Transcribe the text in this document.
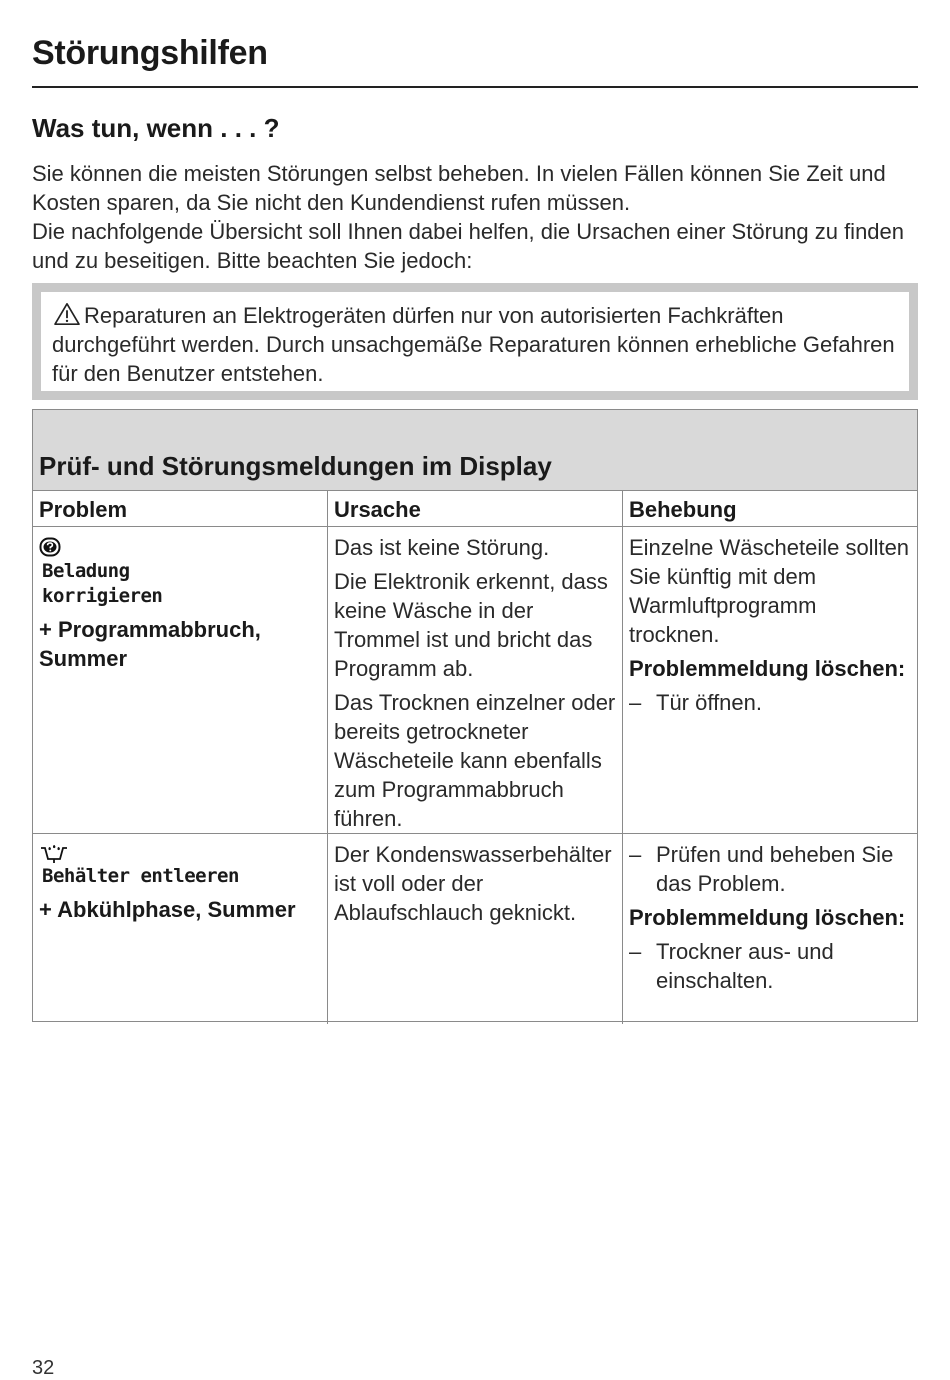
Störungshilfen
Was tun, wenn . . . ?

Sie können die meisten Störungen selbst beheben. In vielen Fällen können Sie Zeit und Kosten sparen, da Sie nicht den Kundendienst rufen müssen.

Die nachfolgende Übersicht soll Ihnen dabei helfen, die Ursachen einer Störung zu finden und zu beseitigen. Bitte beachten Sie jedoch:

Reparaturen an Elektrogeräten dürfen nur von autorisierten Fachkräften durchgeführt werden. Durch unsachgemäße Reparaturen können erhebliche Gefahren für den Benutzer entstehen.
Prüf- und Störungsmeldungen im Display
Problem	Ursache	Behebung
Beladung
korrigieren

+ Programmabbruch, Summer

Das ist keine Störung.

Die Elektronik erkennt, dass keine Wäsche in der Trommel ist und bricht das Programm ab.

Das Trocknen einzelner oder bereits getrockneter Wäscheteile kann ebenfalls zum Programmabbruch führen.

Einzelne Wäscheteile sollten Sie künftig mit dem Warmluftprogramm trocknen.

Problemmeldung löschen:

– Tür öffnen.
Behälter entleeren

+ Abkühlphase, Summer

Der Kondenswasserbehälter ist voll oder der Ablaufschlauch geknickt.

– Prüfen und beheben Sie das Problem.

Problemmeldung löschen:

– Trockner aus- und einschalten.
32
